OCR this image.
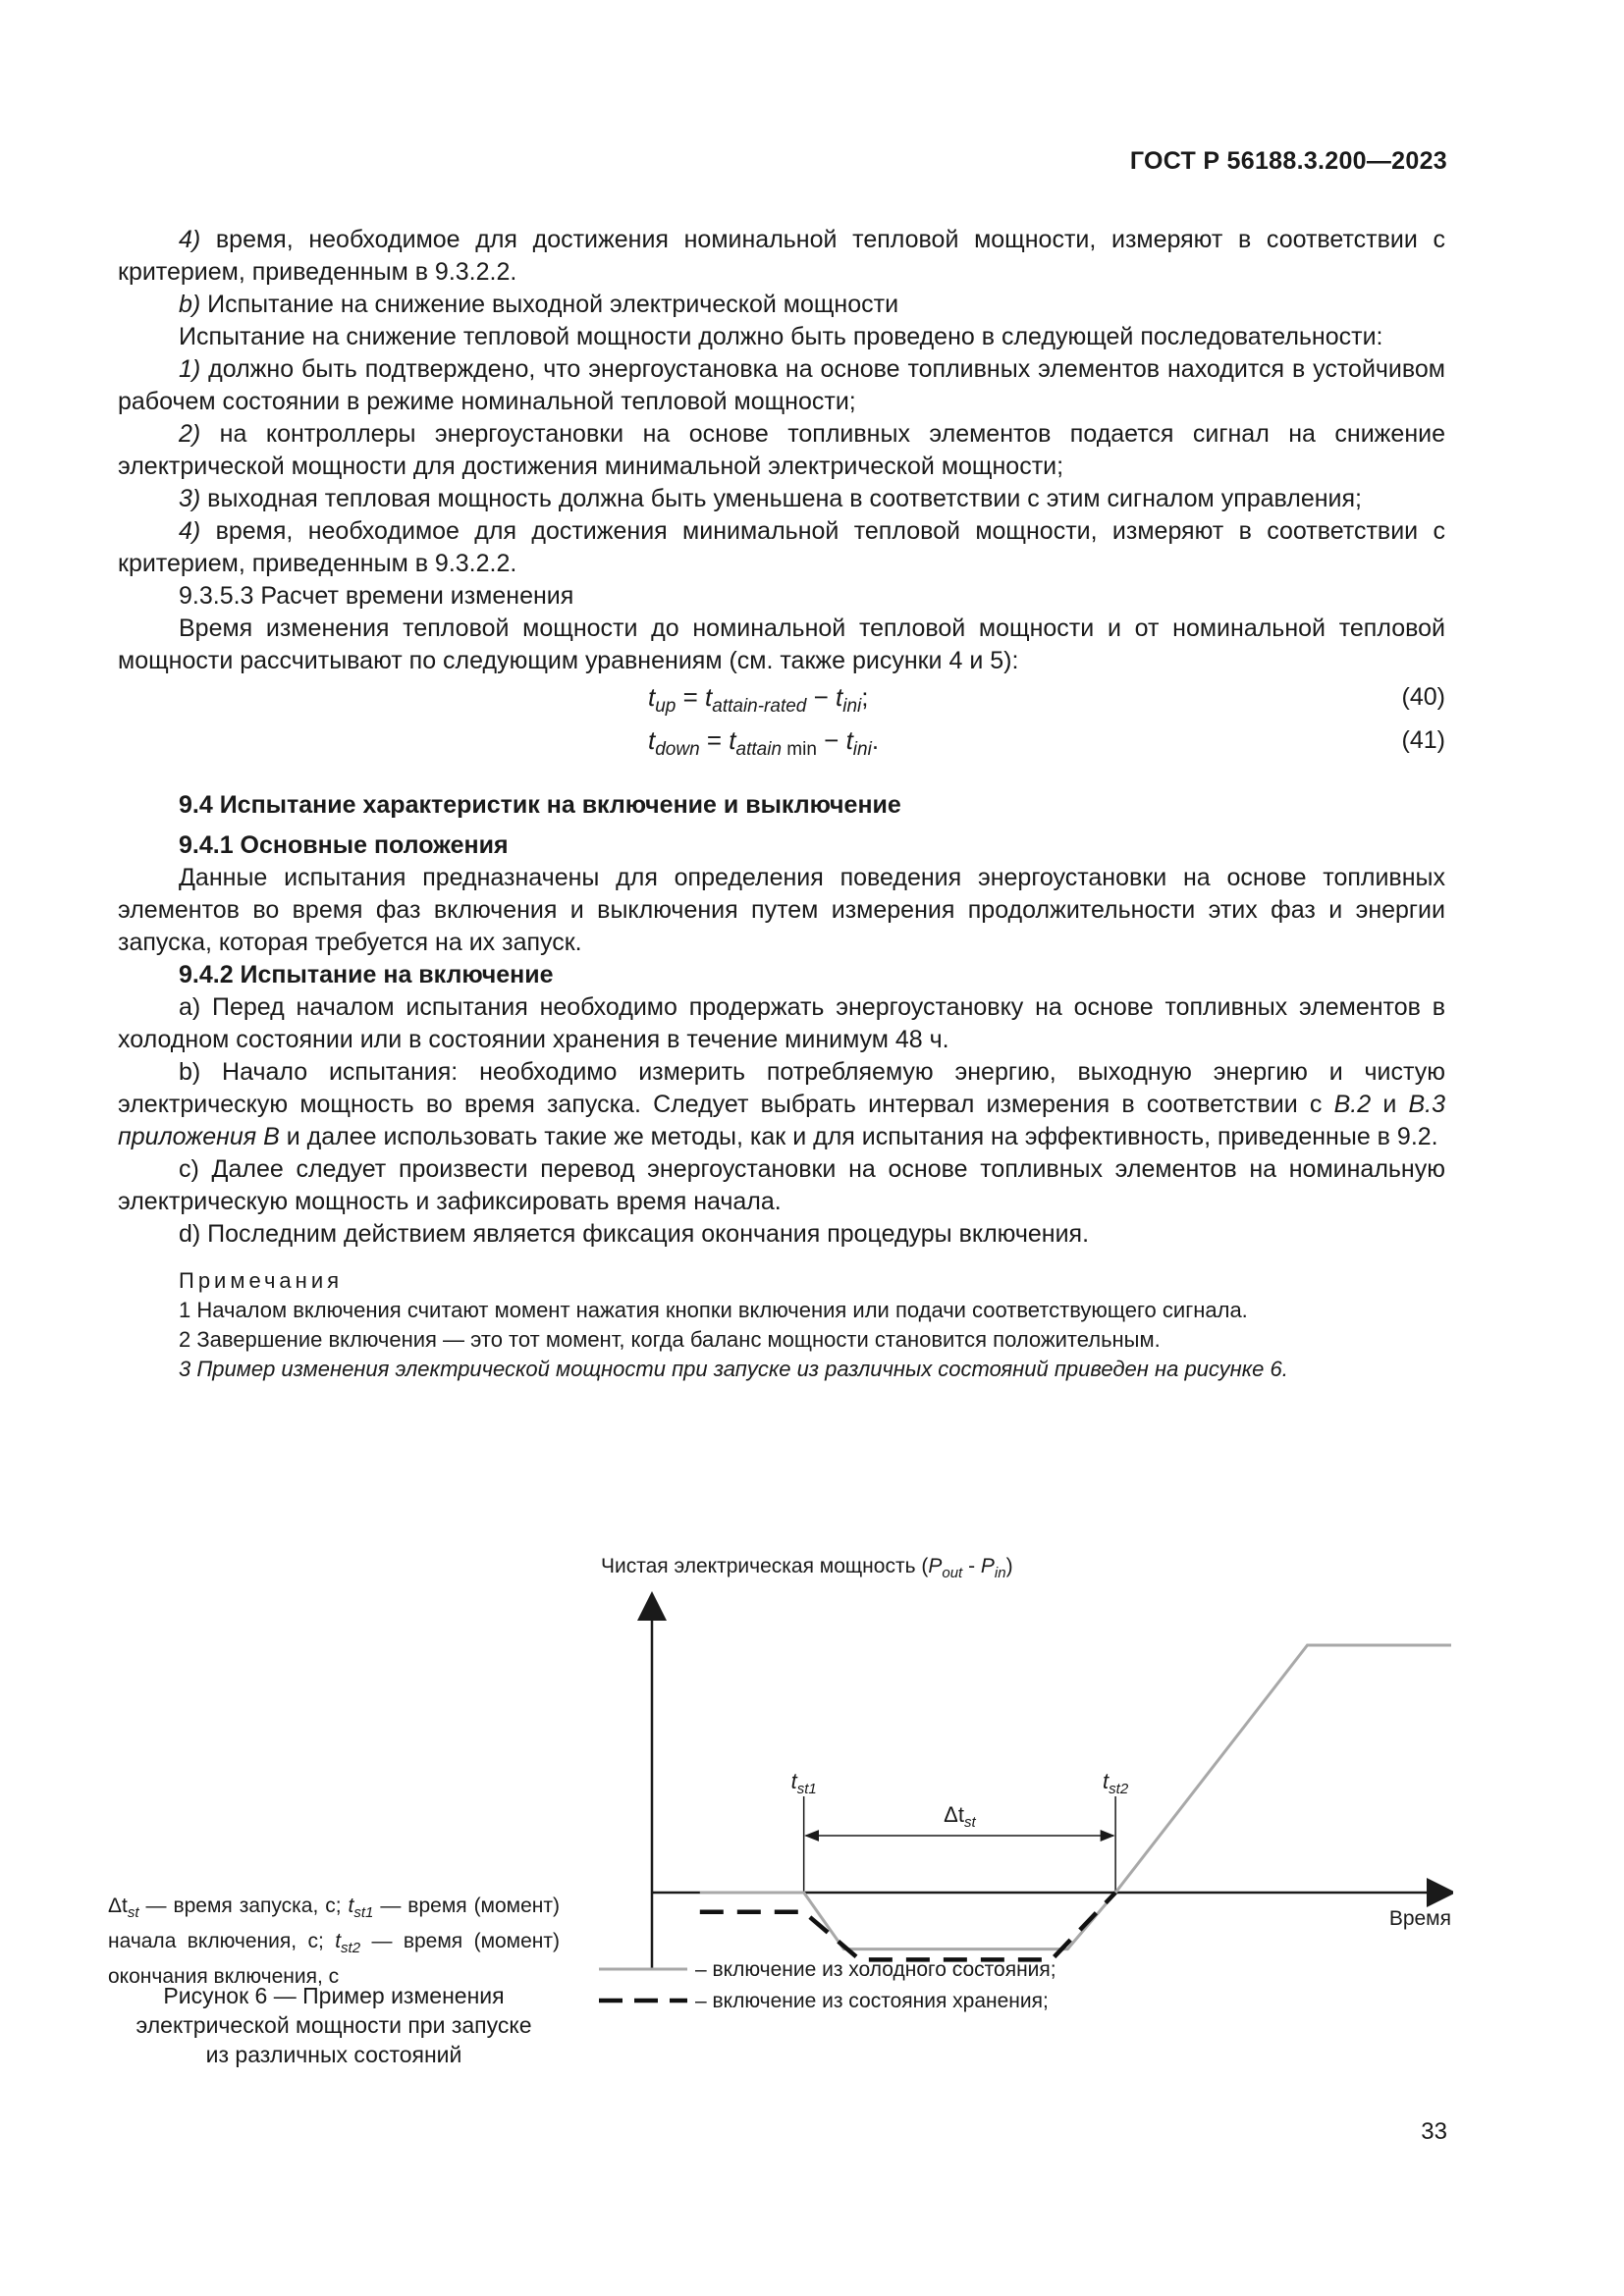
ГОСТ Р 56188.3.200—2023

4) время, необходимое для достижения номинальной тепловой мощности, измеряют в соответствии с критерием, приведенным в 9.3.2.2.

b) Испытание на снижение выходной электрической мощности

Испытание на снижение тепловой мощности должно быть проведено в следующей последовательности:

1) должно быть подтверждено, что энергоустановка на основе топливных элементов находится в устойчивом рабочем состоянии в режиме номинальной тепловой мощности;

2) на контроллеры энергоустановки на основе топливных элементов подается сигнал на снижение электрической мощности для достижения минимальной электрической мощности;

3) выходная тепловая мощность должна быть уменьшена в соответствии с этим сигналом управления;

4) время, необходимое для достижения минимальной тепловой мощности, измеряют в соответствии с критерием, приведенным в 9.3.2.2.

9.3.5.3 Расчет времени изменения

Время изменения тепловой мощности до номинальной тепловой мощности и от номинальной тепловой мощности рассчитывают по следующим уравнениям (см. также рисунки 4 и 5):

$t_{up} = t_{attain-rated} - t_{ini}$;	(40)
$t_{down} = t_{attain min} - t_{ini}$.	(41)

9.4 Испытание характеристик на включение и выключение

9.4.1 Основные положения

Данные испытания предназначены для определения поведения энергоустановки на основе топливных элементов во время фаз включения и выключения путем измерения продолжительности этих фаз и энергии запуска, которая требуется на их запуск.

9.4.2 Испытание на включение

a) Перед началом испытания необходимо продержать энергоустановку на основе топливных элементов в холодном состоянии или в состоянии хранения в течение минимум 48 ч.

b) Начало испытания: необходимо измерить потребляемую энергию, выходную энергию и чистую электрическую мощность во время запуска. Следует выбрать интервал измерения в соответствии с B.2 и B.3 приложения B и далее использовать такие же методы, как и для испытания на эффективность, приведенные в 9.2.

c) Далее следует произвести перевод энергоустановки на основе топливных элементов на номинальную электрическую мощность и зафиксировать время начала.

d) Последним действием является фиксация окончания процедуры включения.

Примечания

1 Началом включения считают момент нажатия кнопки включения или подачи соответствующего сигнала.

2 Завершение включения — это тот момент, когда баланс мощности становится положительным.

3 Пример изменения электрической мощности при запуске из различных состояний приведен на рисунке 6.

Чистая электрическая мощность $(P_{out} - P_{in})$
Время
$t_{st1}$	$t_{st2}$
$\Delta t_{st}$
– включение из холодного состояния;
– включение из состояния хранения;
$\Delta t_{st}$ — время запуска, с; $t_{st1}$ — время (момент) начала включения, с; $t_{st2}$ — время (момент) окончания включения, с
Рисунок 6 — Пример изменения
электрической мощности при запуске
из различных состояний
33
